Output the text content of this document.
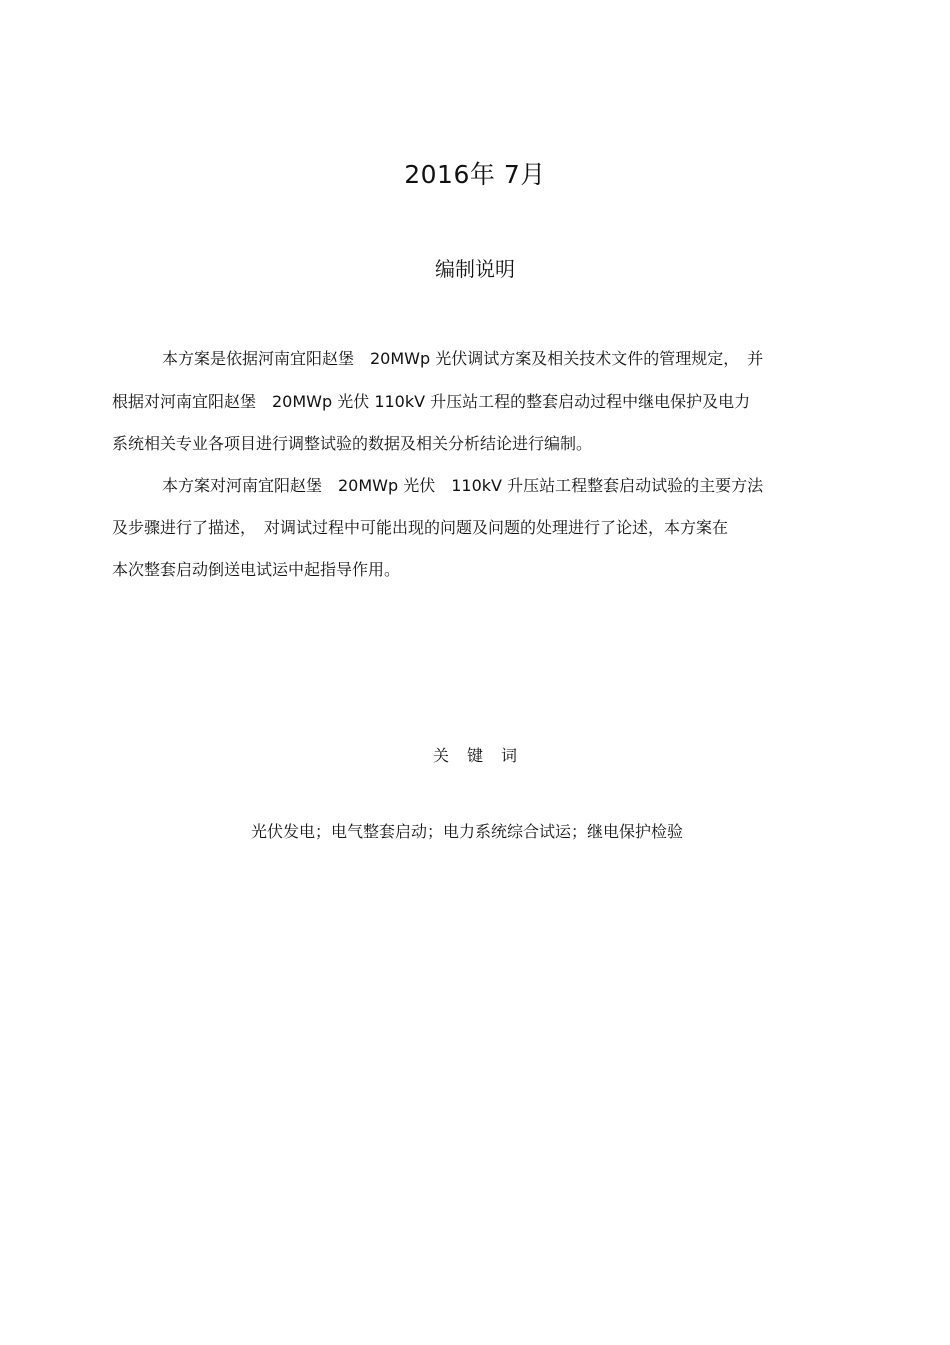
2016年 7月
编制说明
本方案是依据河南宜阳赵堡　20MWp 光伏调试方案及相关技术文件的管理规定，　并
根据对河南宜阳赵堡　20MWp 光伏 110kV 升压站工程的整套启动过程中继电保护及电力
系统相关专业各项目进行调整试验的数据及相关分析结论进行编制。
本方案对河南宜阳赵堡　20MWp 光伏　110kV 升压站工程整套启动试验的主要方法
及步骤进行了描述，　对调试过程中可能出现的问题及问题的处理进行了论述，本方案在
本次整套启动倒送电试运中起指导作用。
关键词
光伏发电；电气整套启动；电力系统综合试运；继电保护检验
